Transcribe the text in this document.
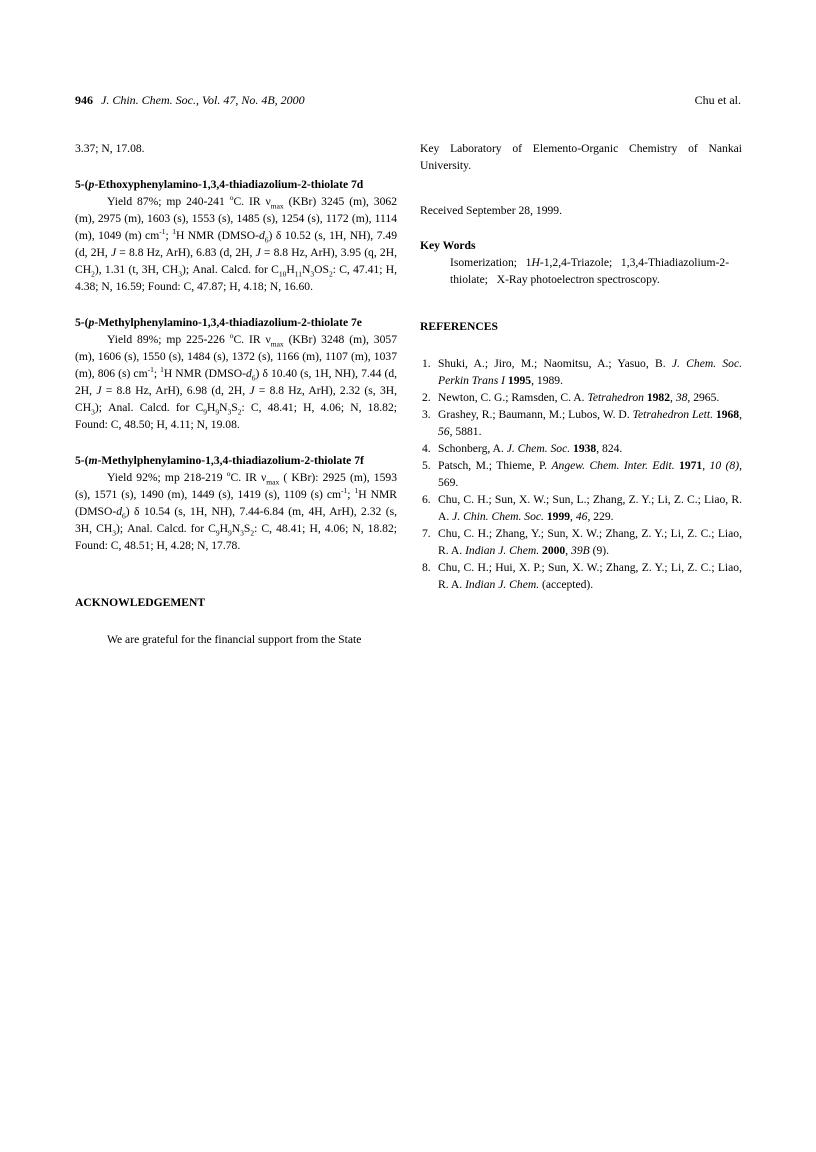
946 J. Chin. Chem. Soc., Vol. 47, No. 4B, 2000	Chu et al.
3.37; N, 17.08.
5-(p-Ethoxyphenylamino-1,3,4-thiadiazolium-2-thiolate 7d
Yield 87%; mp 240-241 $^o$C. IR $\nu_{max}$ (KBr) 3245 (m), 3062 (m), 2975 (m), 1603 (s), 1553 (s), 1485 (s), 1254 (s), 1172 (m), 1114 (m), 1049 (m) $cm^{-1}$; $^1$H NMR $(DMSO-d_6)$ δ 10.52 (s, 1H, NH), 7.49 (d, 2H, J = 8.8 Hz, ArH), 6.83 (d, 2H, J = 8.8 Hz, ArH), 3.95 (q, 2H, $CH_2$), 1.31 (t, 3H, $CH_3$); Anal. Calcd. for $C_{10}H_{11}N_3OS_2$: C, 47.41; H, 4.38; N, 16.59; Found: C, 47.87; H, 4.18; N, 16.60.
5-(p-Methylphenylamino-1,3,4-thiadiazolium-2-thiolate 7e
Yield 89%; mp 225-226 $^o$C. IR $\nu_{max}$ (KBr) 3248 (m), 3057 (m), 1606 (s), 1550 (s), 1484 (s), 1372 (s), 1166 (m), 1107 (m), 1037 (m), 806 (s) $cm^{-1}$; $^1$H NMR $(DMSO-d_6)$ δ 10.40 (s, 1H, NH), 7.44 (d, 2H, J = 8.8 Hz, ArH), 6.98 (d, 2H, J = 8.8 Hz, ArH), 2.32 (s, 3H, $CH_3$); Anal. Calcd. for $C_9H_9N_3S_2$: C, 48.41; H, 4.06; N, 18.82; Found: C, 48.50; H, 4.11; N, 19.08.
5-(m-Methylphenylamino-1,3,4-thiadiazolium-2-thiolate 7f
Yield 92%; mp 218-219 $^o$C. IR $\nu_{max}$ ( KBr): 2925 (m), 1593 (s), 1571 (s), 1490 (m), 1449 (s), 1419 (s), 1109 (s) $cm^{-1}$; $^1$H NMR $(DMSO-d_6)$ δ 10.54 (s, 1H, NH), 7.44-6.84 (m, 4H, ArH), 2.32 (s, 3H, $CH_3$); Anal. Calcd. for $C_9H_9N_3S_2$: C, 48.41; H, 4.06; N, 18.82; Found: C, 48.51; H, 4.28; N, 17.78.
ACKNOWLEDGEMENT
We are grateful for the financial support from the State
Key Laboratory of Elemento-Organic Chemistry of Nankai University.
Received September 28, 1999.
Key Words
Isomerization; 1H-1,2,4-Triazole; 1,3,4-Thiadiazolium-2-thiolate; X-Ray photoelectron spectroscopy.
REFERENCES
1. Shuki, A.; Jiro, M.; Naomitsu, A.; Yasuo, B. J. Chem. Soc. Perkin Trans I 1995, 1989.
2. Newton, C. G.; Ramsden, C. A. Tetrahedron 1982, 38, 2965.
3. Grashey, R.; Baumann, M.; Lubos, W. D. Tetrahedron Lett. 1968, 56, 5881.
4. Schonberg, A. J. Chem. Soc. 1938, 824.
5. Patsch, M.; Thieme, P. Angew. Chem. Inter. Edit. 1971, 10 (8), 569.
6. Chu, C. H.; Sun, X. W.; Sun, L.; Zhang, Z. Y.; Li, Z. C.; Liao, R. A. J. Chin. Chem. Soc. 1999, 46, 229.
7. Chu, C. H.; Zhang, Y.; Sun, X. W.; Zhang, Z. Y.; Li, Z. C.; Liao, R. A. Indian J. Chem. 2000, 39B (9).
8. Chu, C. H.; Hui, X. P.; Sun, X. W.; Zhang, Z. Y.; Li, Z. C.; Liao, R. A. Indian J. Chem. (accepted).
